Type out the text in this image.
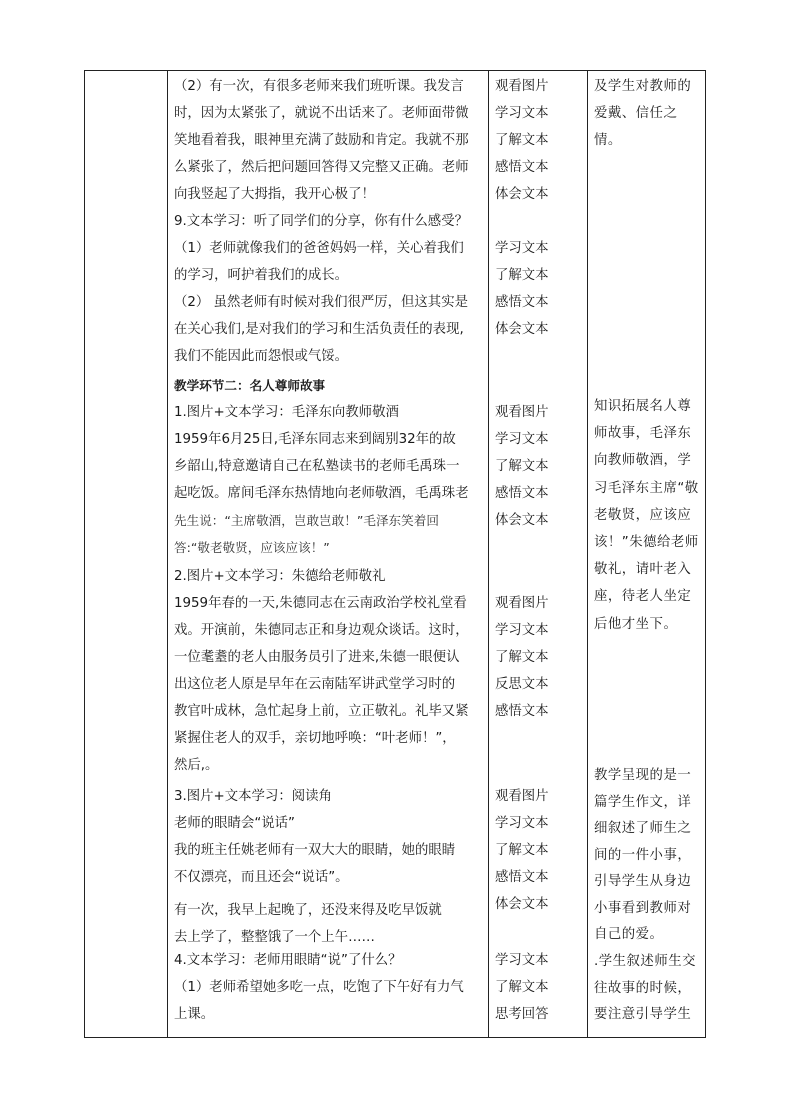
（2）有一次，有很多老师来我们班听课。我发言
时，因为太紧张了，就说不出话来了。老师面带微
笑地看着我，眼神里充满了鼓励和肯定。我就不那
么紧张了，然后把问题回答得又完整又正确。老师
向我竖起了大拇指，我开心极了！
9.文本学习：听了同学们的分享，你有什么感受？
（1）老师就像我们的爸爸妈妈一样，关心着我们
的学习，呵护着我们的成长。
（2） 虽然老师有时候对我们很严厉，但这其实是
在关心我们,是对我们的学习和生活负责任的表现,
我们不能因此而怨恨或气馁。
教学环节二：名人尊师故事
1.图片+文本学习：毛泽东向教师敬酒
1959年6月25日,毛泽东同志来到阔别32年的故
乡韶山,特意邀请自己在私塾读书的老师毛禹珠一
起吃饭。席间毛泽东热情地向老师敬酒，毛禹珠老
先生说：“主席敬酒，岂敢岂敢！”毛泽东笑着回
答:“敬老敬贤，应该应该！”
2.图片+文本学习：朱德给老师敬礼
1959年春的一天,朱德同志在云南政治学校礼堂看
戏。开演前，朱德同志正和身边观众谈话。这时，
一位耄耋的老人由服务员引了进来,朱德一眼便认
出这位老人原是早年在云南陆军讲武堂学习时的
教官叶成林，急忙起身上前，立正敬礼。礼毕又紧
紧握住老人的双手，亲切地呼唤：“叶老师！”，
然后,。
3.图片+文本学习：阅读角
老师的眼睛会“说话”
我的班主任姚老师有一双大大的眼睛，她的眼睛
不仅漂亮，而且还会“说话”。
有一次，我早上起晚了，还没来得及吃早饭就
去上学了，整整饿了一个上午……
4.文本学习：老师用眼睛“说”了什么？
（1）老师希望她多吃一点，吃饱了下午好有力气
上课。
观看图片
学习文本
了解文本
感悟文本
体会文本
学习文本
了解文本
感悟文本
体会文本
观看图片
学习文本
了解文本
感悟文本
体会文本
观看图片
学习文本
了解文本
反思文本
感悟文本
观看图片
学习文本
了解文本
感悟文本
体会文本
学习文本
了解文本
思考回答
及学生对教师的爱戴、信任之情。
知识拓展名人尊师故事，毛泽东向教师敬酒，学习毛泽东主席“敬老敬贤，应该应该！”朱德给老师敬礼，请叶老入座，待老人坐定后他才坐下。
教学呈现的是一篇学生作文，详细叙述了师生之间的一件小事，引导学生从身边小事看到教师对自己的爱。
.学生叙述师生交往故事的时候，要注意引导学生
